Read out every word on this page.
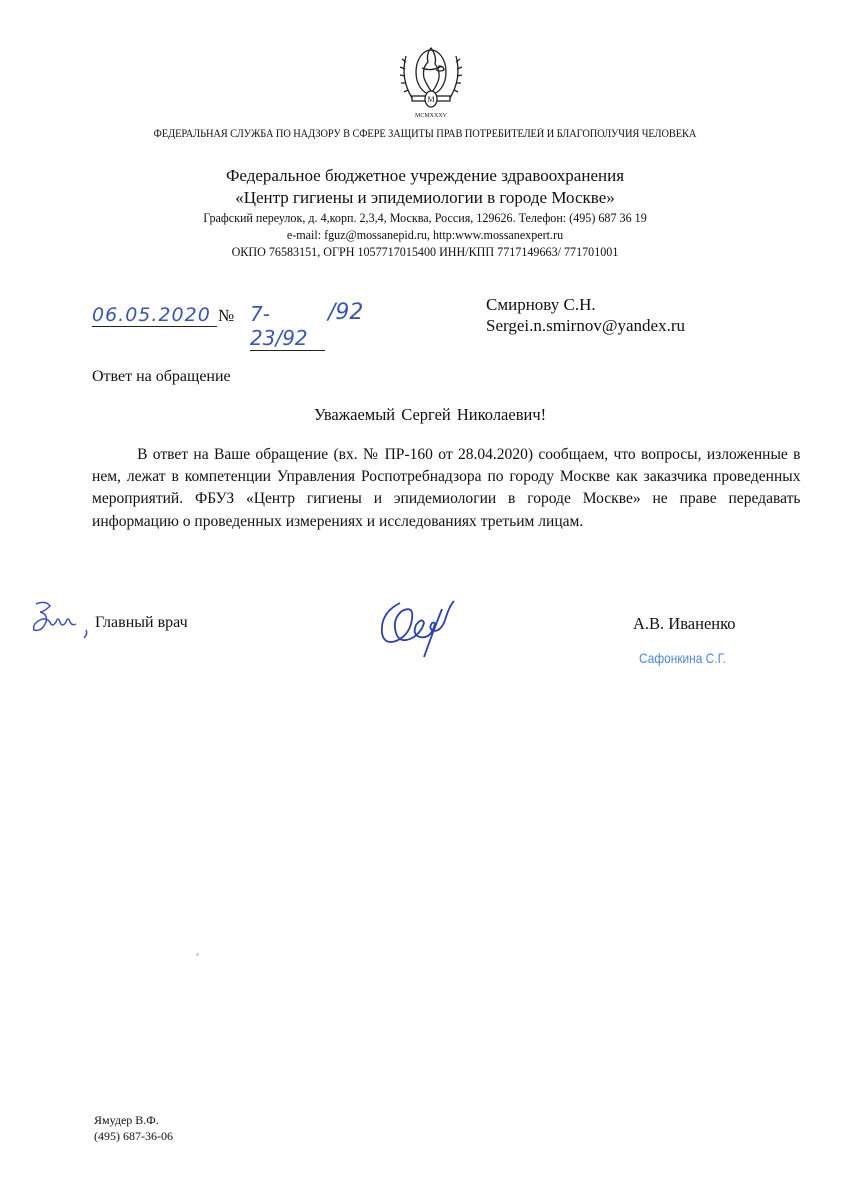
M
MCMXXXV
ФЕДЕРАЛЬНАЯ СЛУЖБА ПО НАДЗОРУ В СФЕРЕ ЗАЩИТЫ ПРАВ ПОТРЕБИТЕЛЕЙ И БЛАГОПОЛУЧИЯ ЧЕЛОВЕКА
Федеральное бюджетное учреждение здравоохранения
«Центр гигиены и эпидемиологии в городе Москве»
Графский переулок, д. 4,корп. 2,3,4, Москва, Россия, 129626. Телефон: (495) 687 36 19
e-mail: fguz@mossanepid.ru, http:www.mossanexpert.ru
ОКПО 76583151, ОГРН 1057717015400 ИНН/КПП 7717149663/ 771701001
06.05.2020 № 7-23/92
/92	Смирнову С.Н.
Sergei.n.smirnov@yandex.ru
Ответ на обращение
Уважаемый Сергей Николаевич!
В ответ на Ваше обращение (вх. № ПР-160 от 28.04.2020) сообщаем, что вопросы, изложенные в нем, лежат в компетенции Управления Роспотребнадзора по городу Москве как заказчика проведенных мероприятий. ФБУЗ «Центр гигиены и эпидемиологии в городе Москве» не праве передавать информацию о проведенных измерениях и исследованиях третьим лицам.
Главный врач	А.В. Иваненко
Сафонкина С.Г.
Ямудер В.Ф.
(495) 687-36-06
